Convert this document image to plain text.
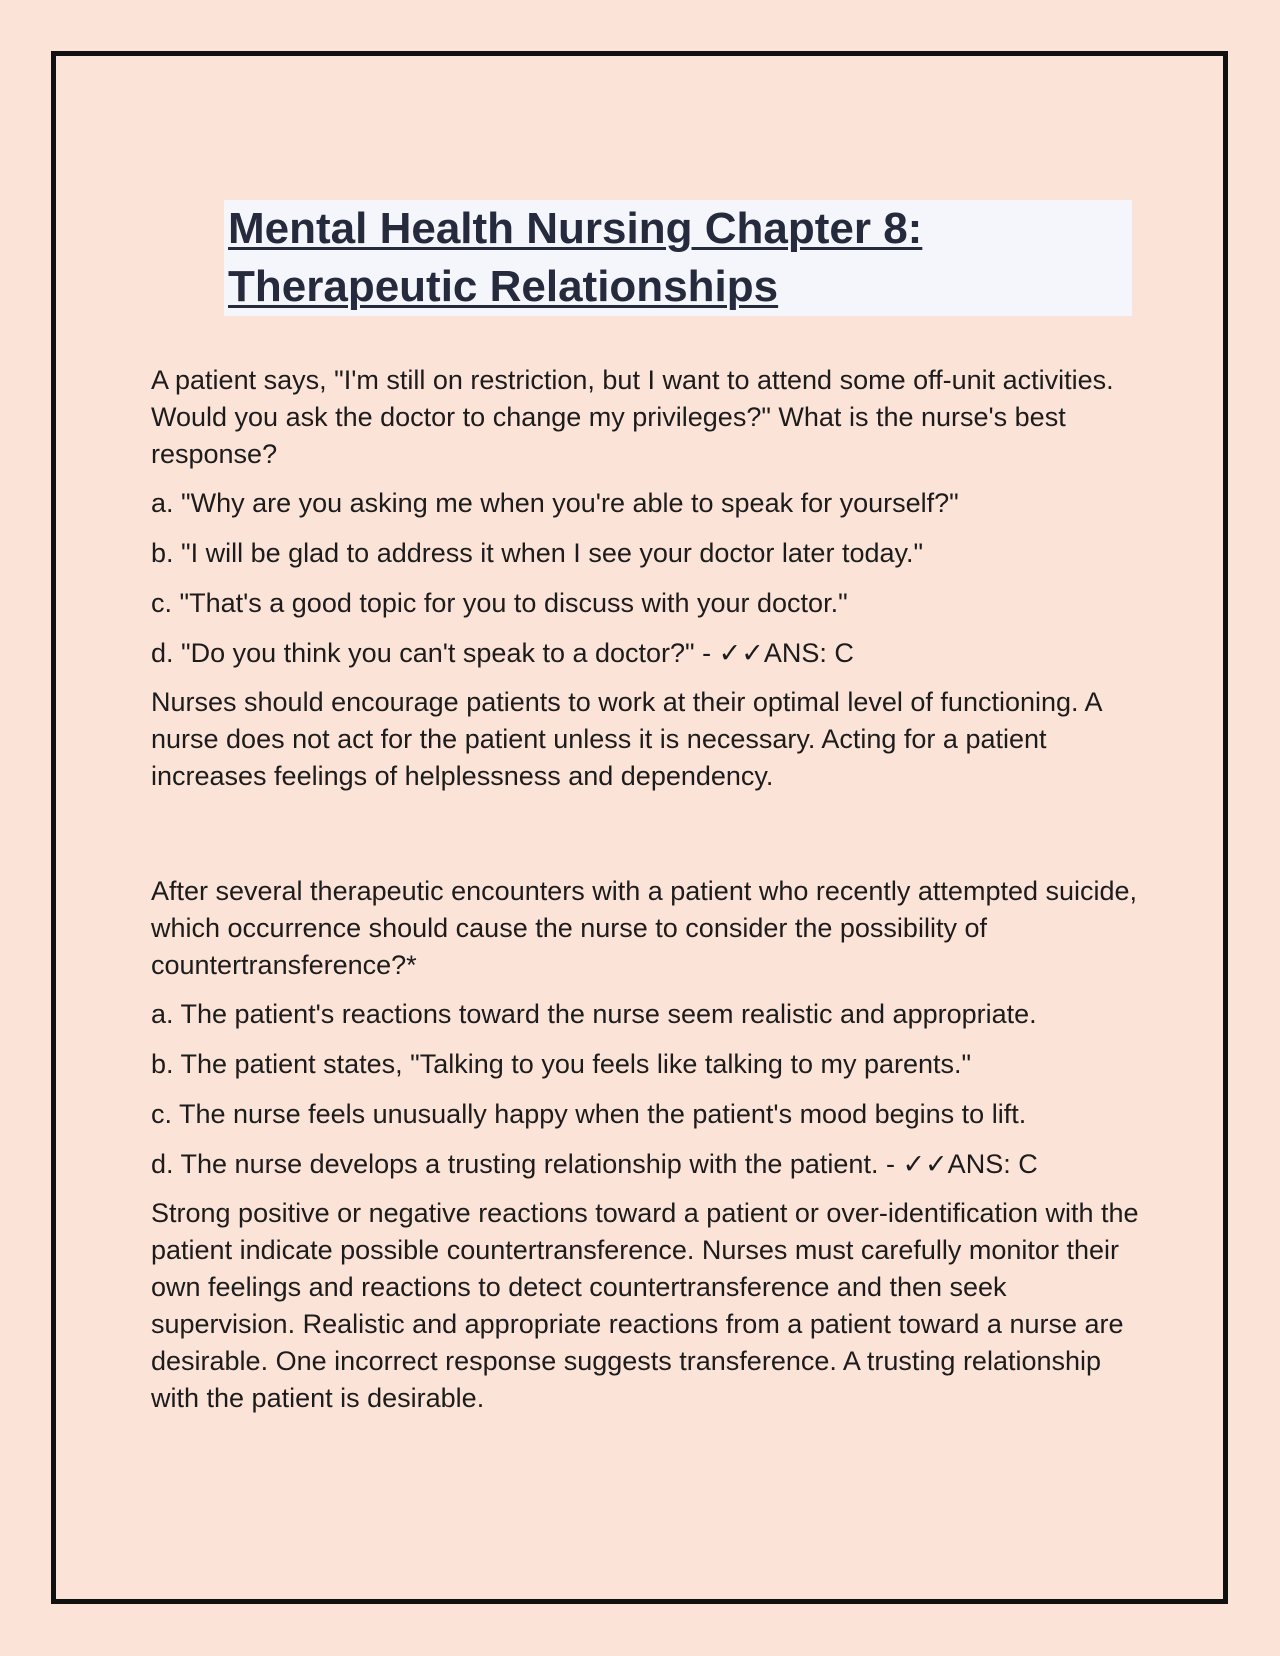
Mental Health Nursing Chapter 8:
Therapeutic Relationships

A patient says, "I'm still on restriction, but I want to attend some off-unit activities. Would you ask the doctor to change my privileges?" What is the nurse's best response?

a. "Why are you asking me when you're able to speak for yourself?"

b. "I will be glad to address it when I see your doctor later today."

c. "That's a good topic for you to discuss with your doctor."

d. "Do you think you can't speak to a doctor?" - ✓✓ANS: C

Nurses should encourage patients to work at their optimal level of functioning. A nurse does not act for the patient unless it is necessary. Acting for a patient increases feelings of helplessness and dependency.

After several therapeutic encounters with a patient who recently attempted suicide, which occurrence should cause the nurse to consider the possibility of countertransference?*

a. The patient's reactions toward the nurse seem realistic and appropriate.

b. The patient states, "Talking to you feels like talking to my parents."

c. The nurse feels unusually happy when the patient's mood begins to lift.

d. The nurse develops a trusting relationship with the patient. - ✓✓ANS: C

Strong positive or negative reactions toward a patient or over-identification with the patient indicate possible countertransference. Nurses must carefully monitor their own feelings and reactions to detect countertransference and then seek supervision. Realistic and appropriate reactions from a patient toward a nurse are desirable. One incorrect response suggests transference. A trusting relationship with the patient is desirable.
